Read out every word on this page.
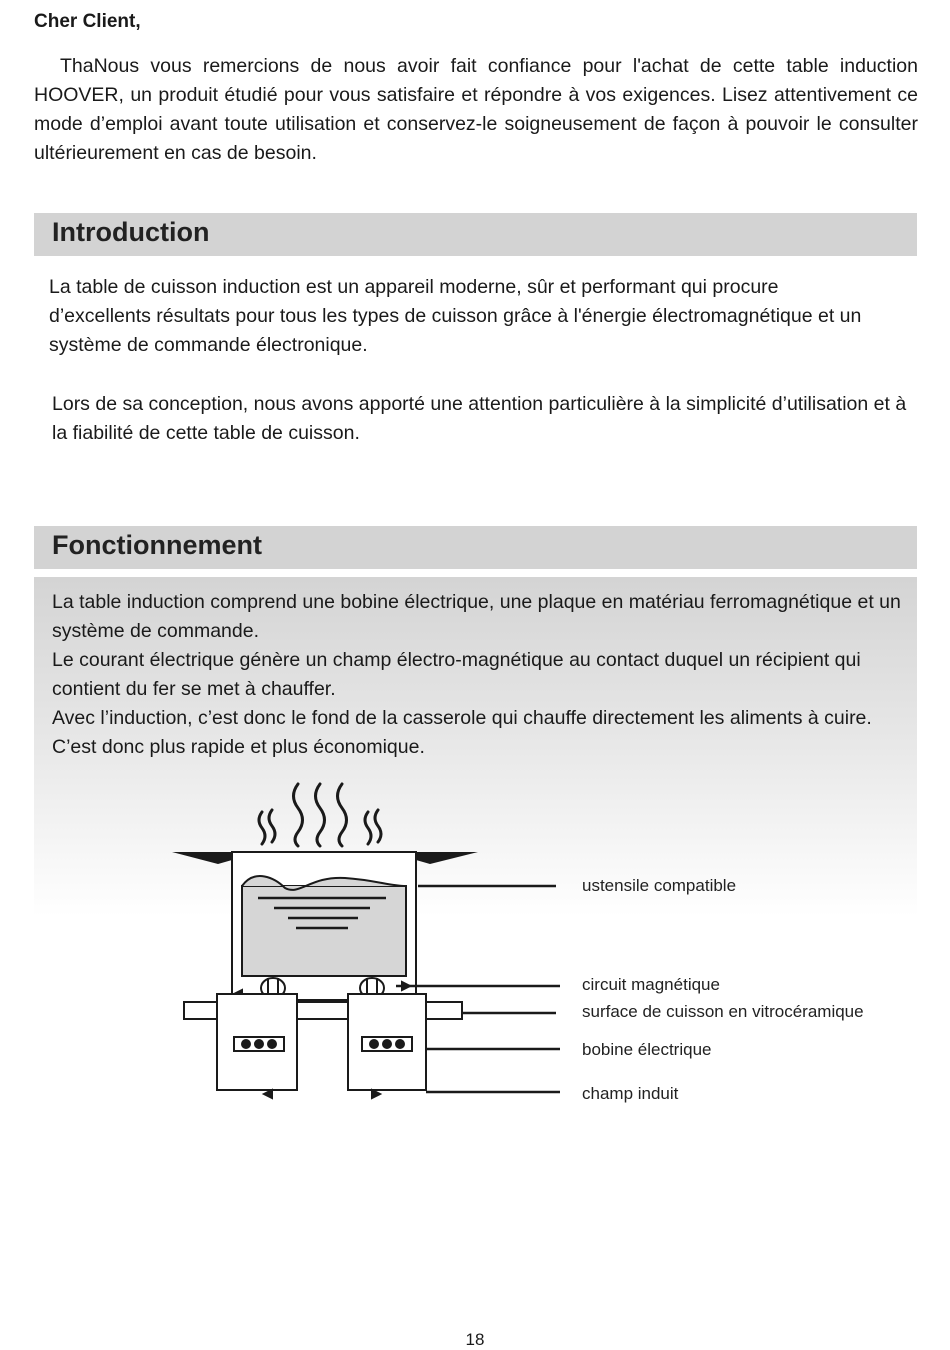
Cher Client,

ThaNous vous remercions de nous avoir fait confiance pour l'achat de cette table induction HOOVER, un produit étudié pour vous satisfaire et répondre à vos exigences. Lisez attentivement ce mode d’emploi avant toute utilisation et conservez-le soigneusement de façon à pouvoir le consulter ultérieurement en cas de besoin.

Introduction

La table de cuisson induction est un appareil moderne, sûr et performant qui procure d’excellents résultats pour tous les types de cuisson grâce à l'énergie électromagnétique et un système de commande électronique.

Lors de sa conception, nous avons apporté une attention particulière à la simplicité d’utilisation et à la fiabilité de cette table de cuisson.

Fonctionnement

La table induction comprend une bobine électrique, une plaque en matériau ferromagnétique et un système de commande.

Le courant électrique génère un champ électro-magnétique au contact duquel un récipient qui contient du fer se met à chauffer.

Avec l’induction, c’est donc le fond de la casserole qui chauffe directement les aliments à cuire.

C’est donc plus rapide et plus économique.

ustensile compatible
circuit magnétique
surface de cuisson en vitrocéramique
bobine électrique
champ induit
18
